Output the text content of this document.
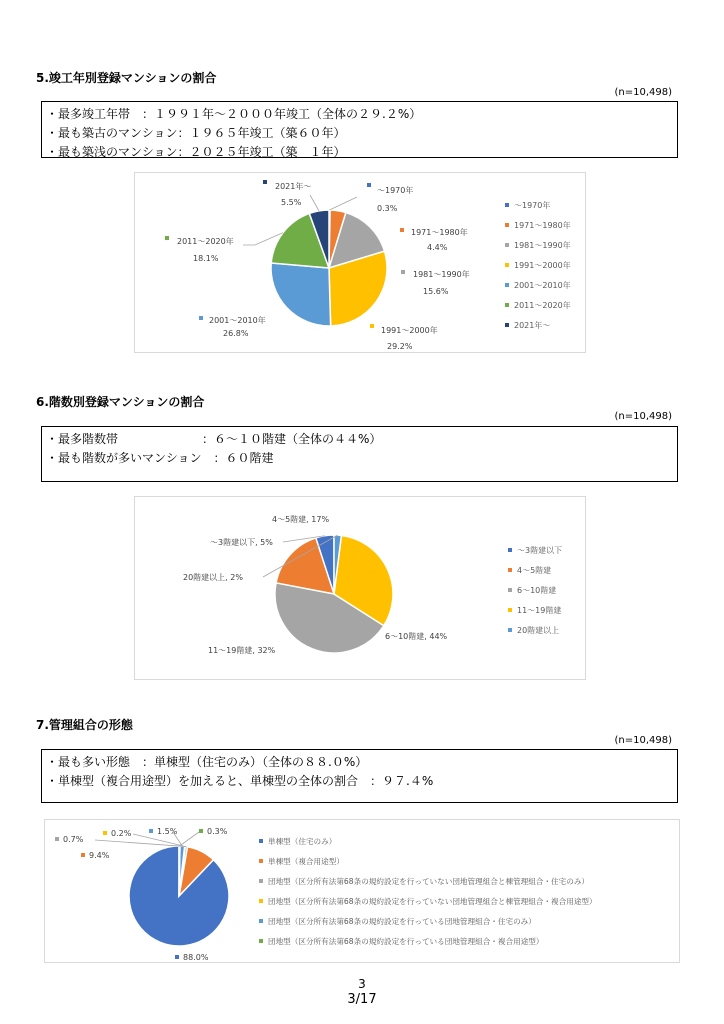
5.竣工年別登録マンションの割合
(n=10,498)
・最多竣工年帯　：１９９１年～２０００年竣工（全体の２９.２%）
・最も築古のマンション：１９６５年竣工（築６０年）
・最も築浅のマンション：２０２５年竣工（築　１年）
～1970年
0.3%
1971～1980年
4.4%
1981～1990年
15.6%
1991～2000年
29.2%
2001～2010年
26.8%
2011～2020年
18.1%
2021年～
5.5%	～1970年
1971～1980年
1981～1990年
1991～2000年
2001～2010年
2011～2020年
2021年～
6.階数別登録マンションの割合
(n=10,498)
・最多階数帯　　　　　　　：６～１０階建（全体の４４%）
・最も階数が多いマンション　：６０階建
～3階建以下, 5%
4～5階建, 17%
6～10階建, 44%
11～19階建, 32%
20階建以上, 2%
～3階建以下
4～5階建
6～10階建
11～19階建
20階建以上
7.管理組合の形態
(n=10,498)
・最も多い形態　：単棟型（住宅のみ）（全体の８８.０%）
・単棟型（複合用途型）を加えると、単棟型の全体の割合　：９７.４%
88.0%
9.4%
0.7%
0.2%	1.5%	0.3%
単棟型（住宅のみ）
単棟型（複合用途型）
団地型（区分所有法第68条の規約設定を行っていない団地管理組合と棟管理組合・住宅のみ）
団地型（区分所有法第68条の規約設定を行っていない団地管理組合と棟管理組合・複合用途型）
団地型（区分所有法第68条の規約設定を行っている団地管理組合・住宅のみ）
団地型（区分所有法第68条の規約設定を行っている団地管理組合・複合用途型）
3
3/17
